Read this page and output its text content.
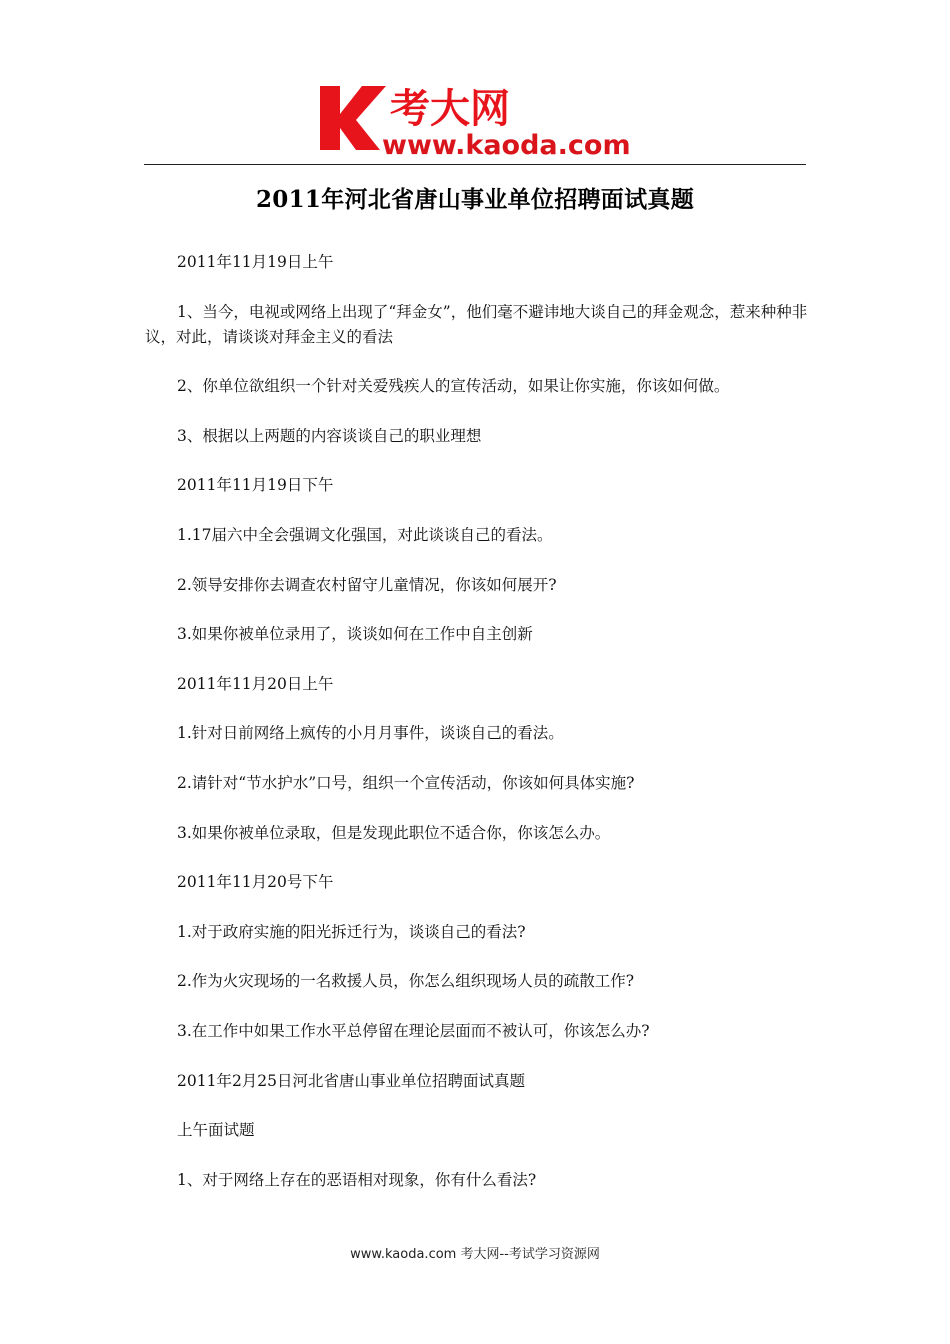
考大网
www.kaoda.com
2011年河北省唐山事业单位招聘面试真题

2011年11月19日上午

1、当今，电视或网络上出现了“拜金女”，他们毫不避讳地大谈自己的拜金观念，惹来种种非议，对此，请谈谈对拜金主义的看法

2、你单位欲组织一个针对关爱残疾人的宣传活动，如果让你实施，你该如何做。

3、根据以上两题的内容谈谈自己的职业理想

2011年11月19日下午

1.17届六中全会强调文化强国，对此谈谈自己的看法。

2.领导安排你去调查农村留守儿童情况，你该如何展开?

3.如果你被单位录用了，谈谈如何在工作中自主创新

2011年11月20日上午

1.针对日前网络上疯传的小月月事件，谈谈自己的看法。

2.请针对“节水护水”口号，组织一个宣传活动，你该如何具体实施?

3.如果你被单位录取，但是发现此职位不适合你，你该怎么办。

2011年11月20号下午

1.对于政府实施的阳光拆迁行为，谈谈自己的看法?

2.作为火灾现场的一名救援人员，你怎么组织现场人员的疏散工作?

3.在工作中如果工作水平总停留在理论层面而不被认可，你该怎么办?

2011年2月25日河北省唐山事业单位招聘面试真题

上午面试题

1、对于网络上存在的恶语相对现象，你有什么看法?

www.kaoda.com 考大网--考试学习资源网
